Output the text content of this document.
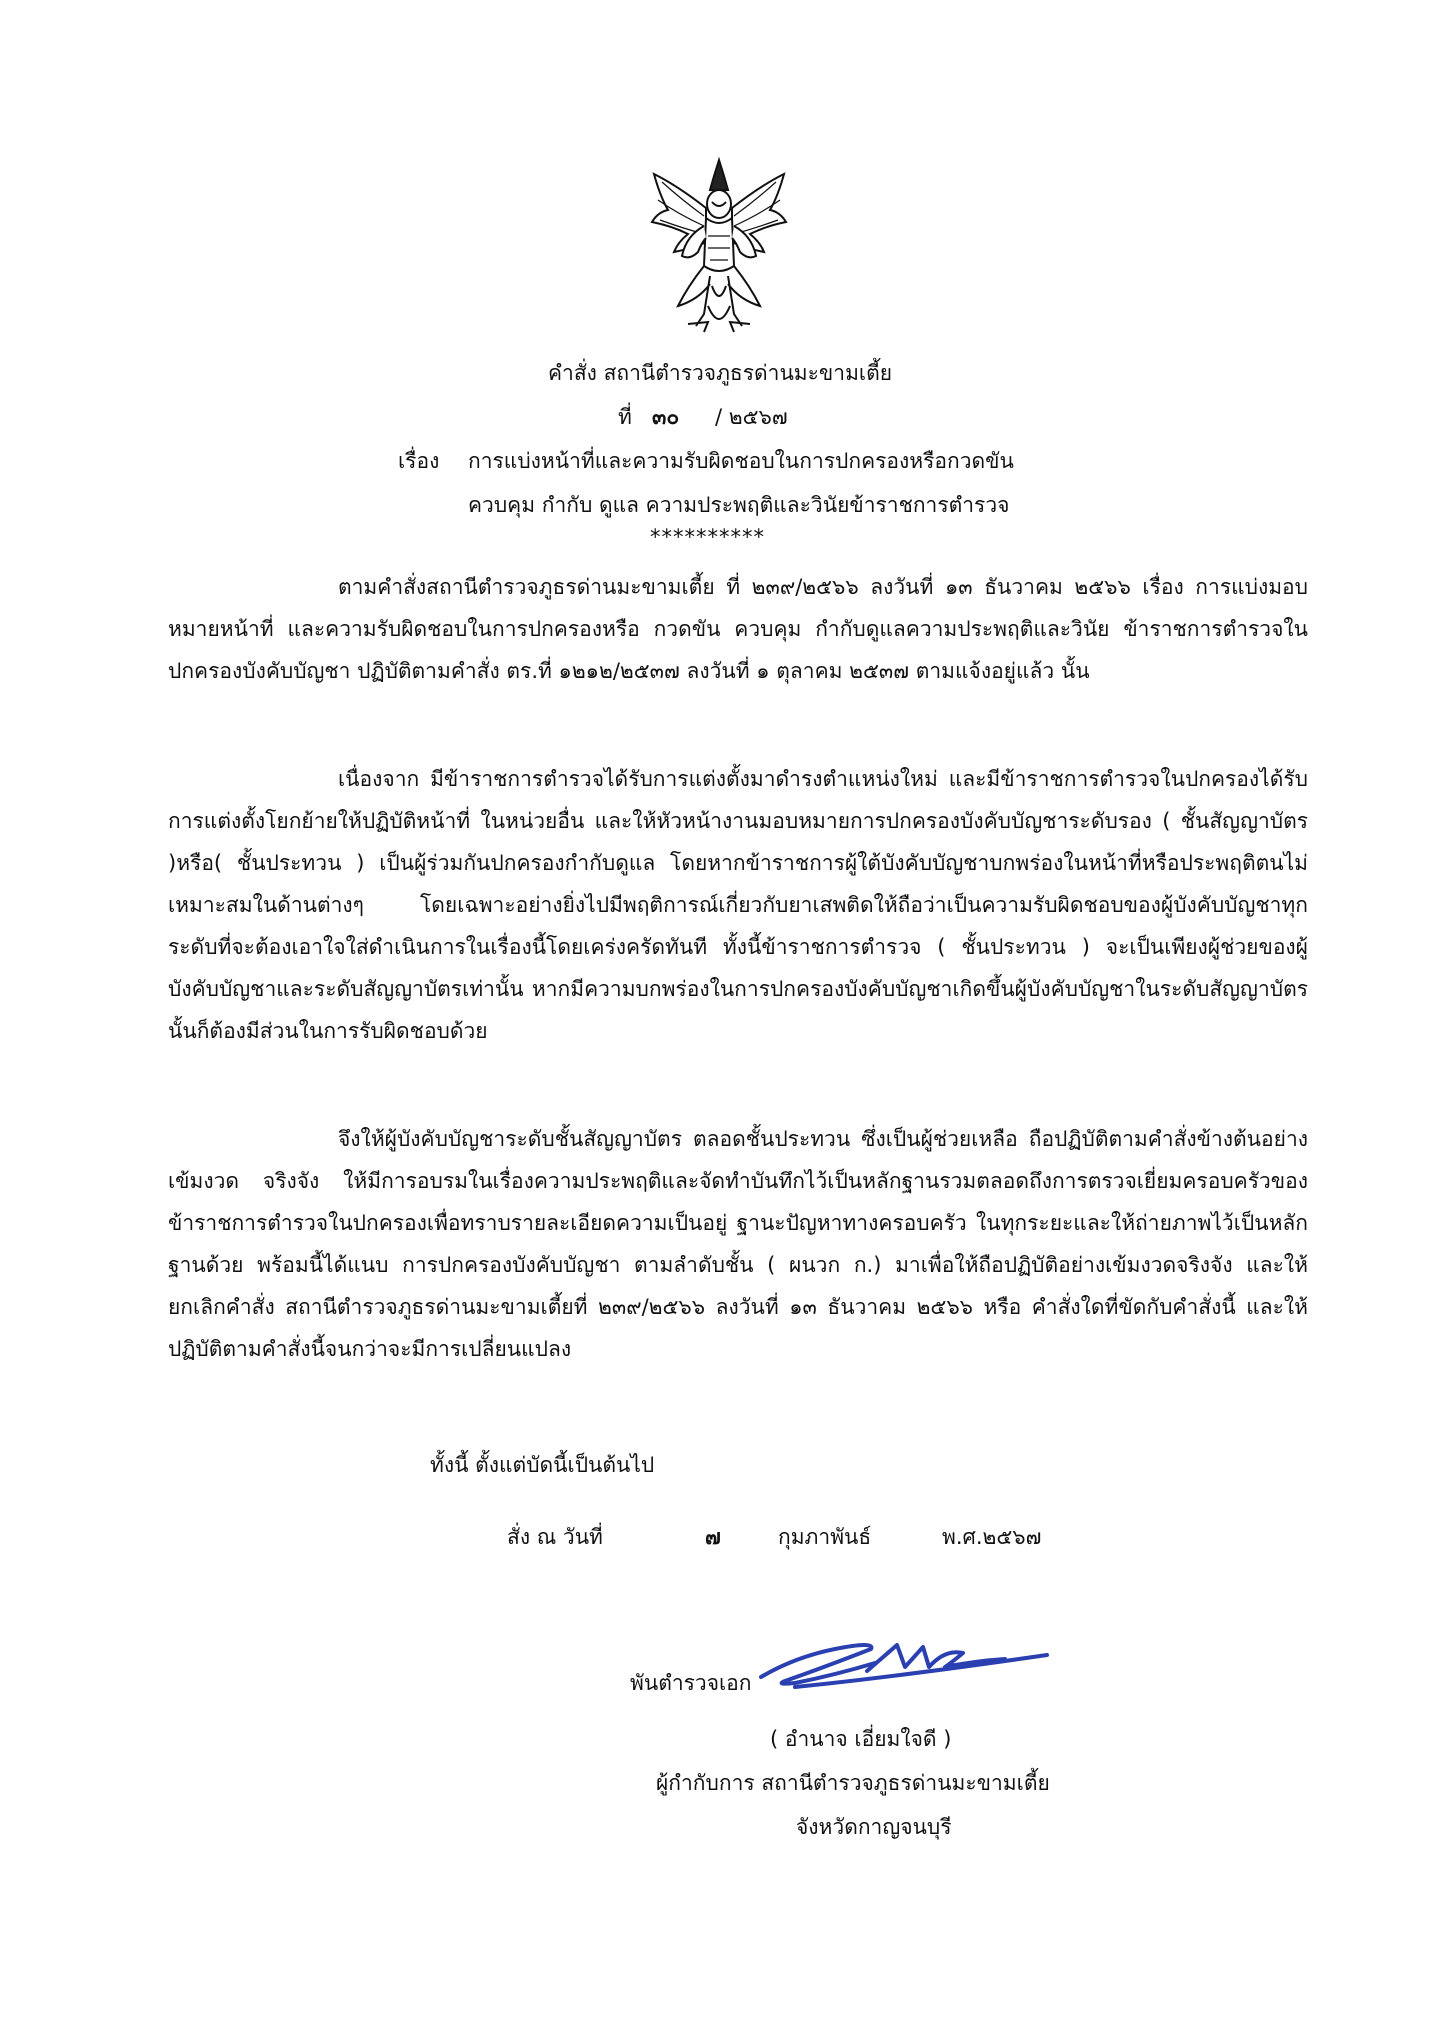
คำสั่ง สถานีตำรวจภูธรด่านมะขามเตี้ย
ที่ ๓๐ / ๒๕๖๗
เรื่อง การแบ่งหน้าที่และความรับผิดชอบในการปกครองหรือกวดขัน
ควบคุม กำกับ ดูแล ความประพฤติและวินัยข้าราชการตำรวจ
**********
ตามคำสั่งสถานีตำรวจภูธรด่านมะขามเตี้ย ที่ ๒๓๙/๒๕๖๖ ลงวันที่ ๑๓ ธันวาคม ๒๕๖๖ เรื่อง การแบ่งมอบหมายหน้าที่ และความรับผิดชอบในการปกครองหรือ กวดขัน ควบคุม กำกับดูแลความประพฤติและวินัย ข้าราชการตำรวจในปกครองบังคับบัญชา ปฏิบัติตามคำสั่ง ตร.ที่ ๑๒๑๒/๒๕๓๗ ลงวันที่ ๑ ตุลาคม ๒๕๓๗ ตามแจ้งอยู่แล้ว นั้น
เนื่องจาก มีข้าราชการตำรวจได้รับการแต่งตั้งมาดำรงตำแหน่งใหม่ และมีข้าราชการตำรวจในปกครองได้รับการแต่งตั้งโยกย้ายให้ปฏิบัติหน้าที่ ในหน่วยอื่น และให้หัวหน้างานมอบหมายการปกครองบังคับบัญชาระดับรอง ( ชั้นสัญญาบัตร )หรือ( ชั้นประทวน ) เป็นผู้ร่วมกันปกครองกำกับดูแล โดยหากข้าราชการผู้ใต้บังคับบัญชาบกพร่องในหน้าที่หรือประพฤติตนไม่เหมาะสมในด้านต่างๆ โดยเฉพาะอย่างยิ่งไปมีพฤติการณ์เกี่ยวกับยาเสพติดให้ถือว่าเป็นความรับผิดชอบของผู้บังคับบัญชาทุกระดับที่จะต้องเอาใจใส่ดำเนินการในเรื่องนี้โดยเคร่งครัดทันที ทั้งนี้ข้าราชการตำรวจ ( ชั้นประทวน ) จะเป็นเพียงผู้ช่วยของผู้บังคับบัญชาและระดับสัญญาบัตรเท่านั้น หากมีความบกพร่องในการปกครองบังคับบัญชาเกิดขึ้นผู้บังคับบัญชาในระดับสัญญาบัตรนั้นก็ต้องมีส่วนในการรับผิดชอบด้วย
จึงให้ผู้บังคับบัญชาระดับชั้นสัญญาบัตร ตลอดชั้นประทวน ซึ่งเป็นผู้ช่วยเหลือ ถือปฏิบัติตามคำสั่งข้างต้นอย่างเข้มงวด จริงจัง ให้มีการอบรมในเรื่องความประพฤติและจัดทำบันทึกไว้เป็นหลักฐานรวมตลอดถึงการตรวจเยี่ยมครอบครัวของข้าราชการตำรวจในปกครองเพื่อทราบรายละเอียดความเป็นอยู่ ฐานะปัญหาทางครอบครัว ในทุกระยะและให้ถ่ายภาพไว้เป็นหลักฐานด้วย พร้อมนี้ได้แนบ การปกครองบังคับบัญชา ตามลำดับชั้น ( ผนวก ก.) มาเพื่อให้ถือปฏิบัติอย่างเข้มงวดจริงจัง และให้ยกเลิกคำสั่ง สถานีตำรวจภูธรด่านมะขามเตี้ยที่ ๒๓๙/๒๕๖๖ ลงวันที่ ๑๓ ธันวาคม ๒๕๖๖ หรือ คำสั่งใดที่ขัดกับคำสั่งนี้ และให้ปฏิบัติตามคำสั่งนี้จนกว่าจะมีการเปลี่ยนแปลง
ทั้งนี้ ตั้งแต่บัดนี้เป็นต้นไป
สั่ง ณ วันที่	๗	กุมภาพันธ์	พ.ศ.๒๕๖๗
พันตำรวจเอก
( อำนาจ เอี่ยมใจดี )
ผู้กำกับการ สถานีตำรวจภูธรด่านมะขามเตี้ย
จังหวัดกาญจนบุรี
